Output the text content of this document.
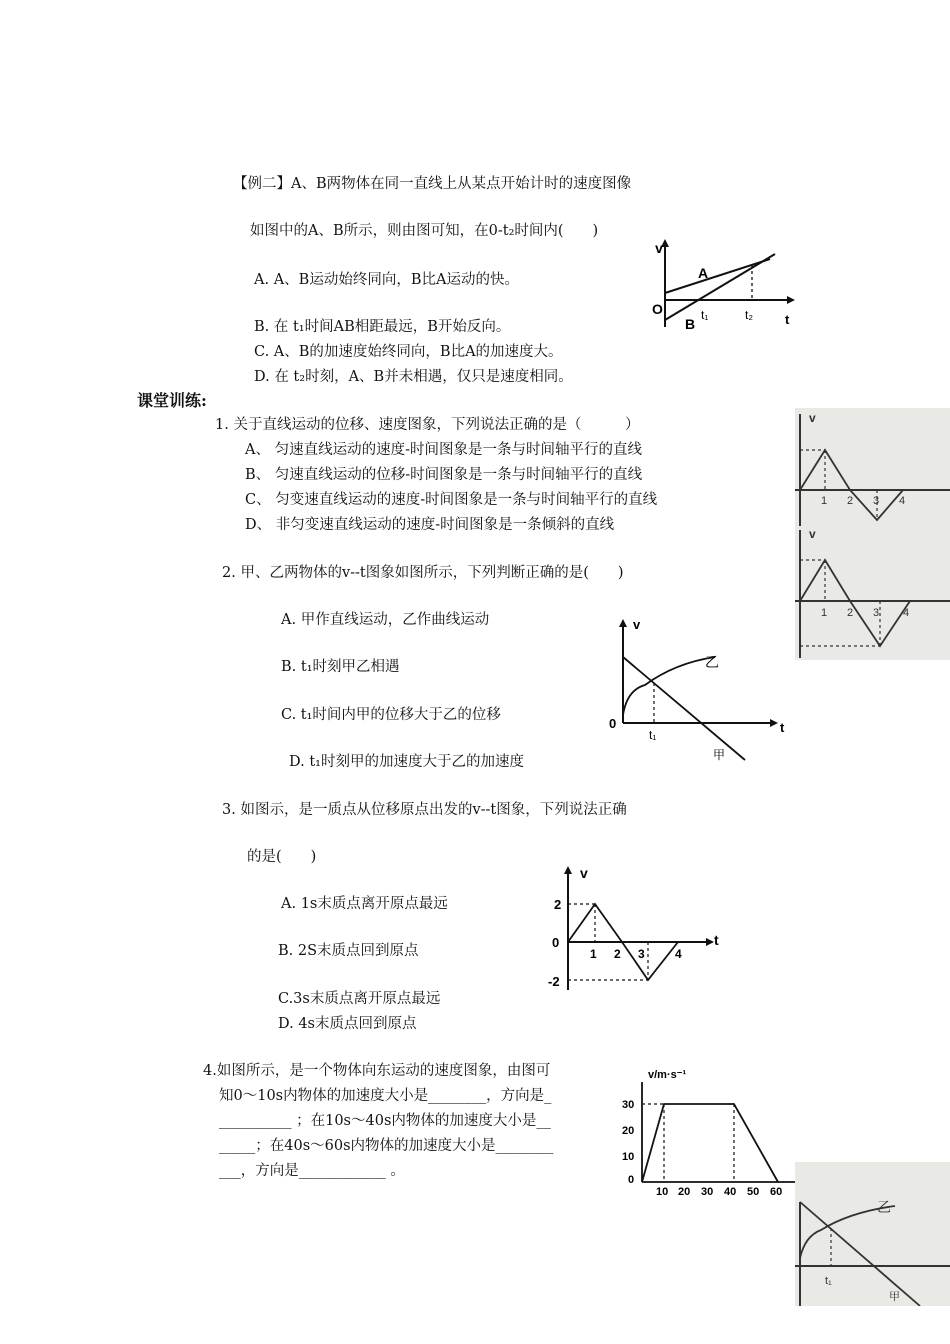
【例二】A、B两物体在同一直线上从某点开始计时的速度图像
如图中的A、B所示，则由图可知，在0-t₂时间内(　　)
A. A、B运动始终同向，B比A运动的快。
B. 在 t₁时间AB相距最远，B开始反向。
C. A、B的加速度始终同向，B比A的加速度大。
D. 在 t₂时刻，A、B并未相遇，仅只是速度相同。
v
A
B
O	t₁	t₂ t
课堂训练:
1. 关于直线运动的位移、速度图象，下列说法正确的是（　　　）
A、 匀速直线运动的速度-时间图象是一条与时间轴平行的直线
B、 匀速直线运动的位移-时间图象是一条与时间轴平行的直线
C、 匀变速直线运动的速度-时间图象是一条与时间轴平行的直线
D、 非匀变速直线运动的速度-时间图象是一条倾斜的直线
2. 甲、乙两物体的v--t图象如图所示，下列判断正确的是(　　)
A. 甲作直线运动，乙作曲线运动
B. t₁时刻甲乙相遇
C. t₁时间内甲的位移大于乙的位移
D. t₁时刻甲的加速度大于乙的加速度
v
乙
甲
0
t₁	t
3. 如图示，是一质点从位移原点出发的v--t图象，下列说法正确
的是(　　)
A. 1s末质点离开原点最远
B. 2S末质点回到原点
C.3s末质点离开原点最远
D. 4s末质点回到原点
v
t
2
0
-2
1 2 3	4
4.如图所示，是一个物体向东运动的速度图象，由图可
知0～10s内物体的加速度大小是________，方向是_
__________ ；在10s～40s内物体的加速度大小是__
_____；在40s～60s内物体的加速度大小是________
___，方向是____________ 。
v/m·s⁻¹
0
30
20
10
10 20 30 40 50 60
v
1 2 3 4
v
1 2 3 4
乙
t₁
甲
